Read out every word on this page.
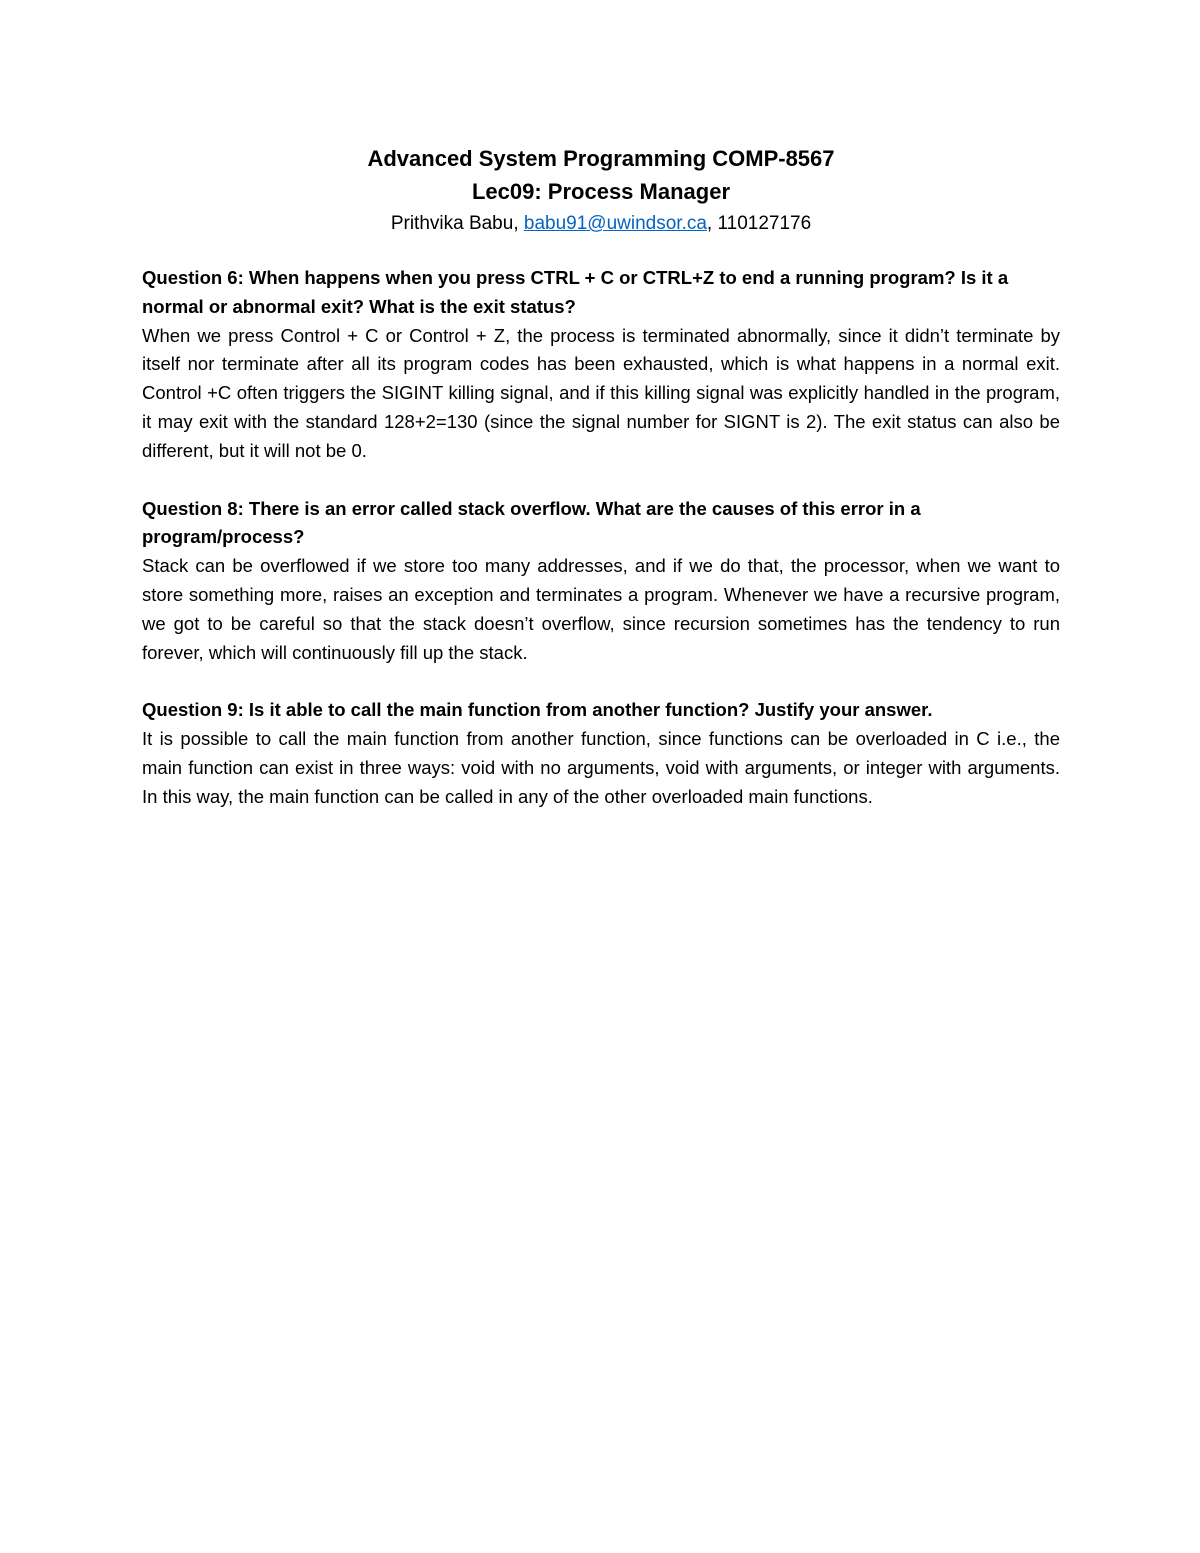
Advanced System Programming COMP-8567

Lec09: Process Manager

Prithvika Babu, babu91@uwindsor.ca, 110127176

Question 6: When happens when you press CTRL + C or CTRL+Z to end a running program? Is it a normal or abnormal exit? What is the exit status?

When we press Control + C or Control + Z, the process is terminated abnormally, since it didn’t terminate by itself nor terminate after all its program codes has been exhausted, which is what happens in a normal exit. Control +C often triggers the SIGINT killing signal, and if this killing signal was explicitly handled in the program, it may exit with the standard 128+2=130 (since the signal number for SIGNT is 2). The exit status can also be different, but it will not be 0.

Question 8: There is an error called stack overflow. What are the causes of this error in a program/process?

Stack can be overflowed if we store too many addresses, and if we do that, the processor, when we want to store something more, raises an exception and terminates a program. Whenever we have a recursive program, we got to be careful so that the stack doesn’t overflow, since recursion sometimes has the tendency to run forever, which will continuously fill up the stack.

Question 9: Is it able to call the main function from another function? Justify your answer.

It is possible to call the main function from another function, since functions can be overloaded in C i.e., the main function can exist in three ways: void with no arguments, void with arguments, or integer with arguments. In this way, the main function can be called in any of the other overloaded main functions.
